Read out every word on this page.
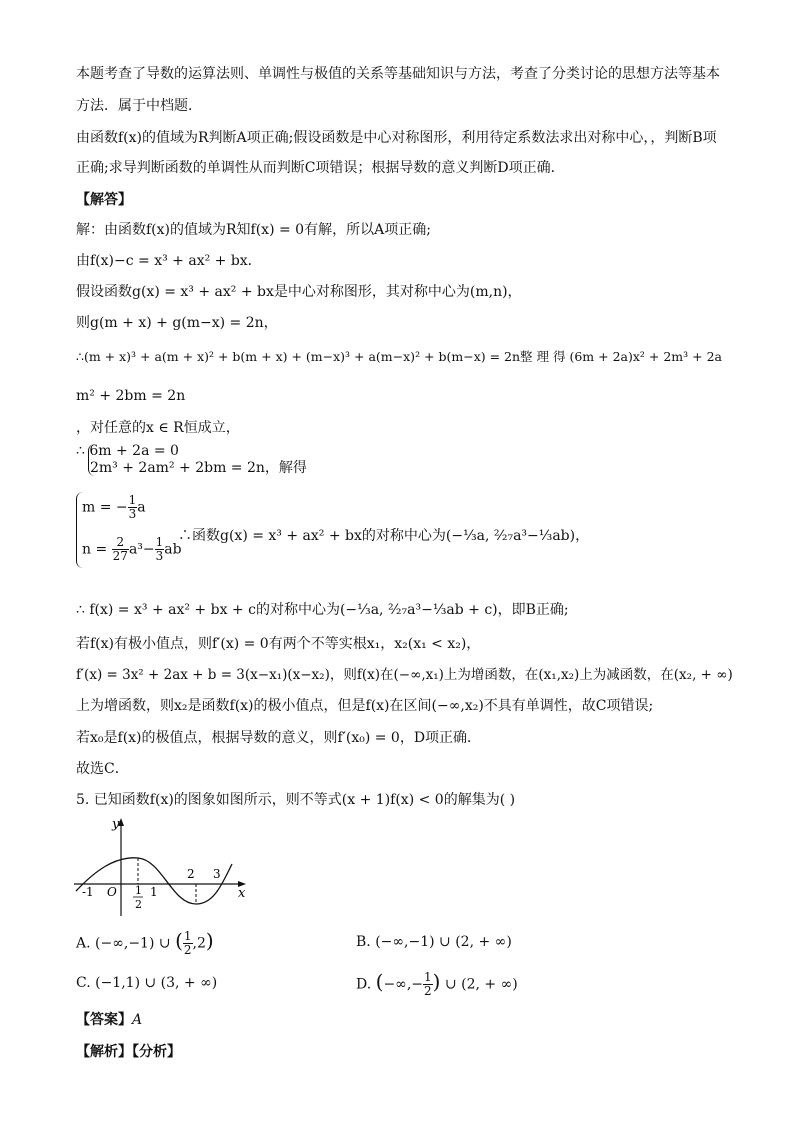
本题考查了导数的运算法则、单调性与极值的关系等基础知识与方法，考查了分类讨论的思想方法等基本
方法．属于中档题．
由函数f(x)的值域为R判断A项正确;假设函数是中心对称图形，利用待定系数法求出对称中心，，判断B项
正确;求导判断函数的单调性从而判断C项错误；根据导数的意义判断D项正确．
【解答】
解：由函数f(x)的值域为R知f(x) = 0有解，所以A项正确;
由f(x)−c = x³ + ax² + bx．
假设函数g(x) = x³ + ax² + bx是中心对称图形，其对称中心为(m,n)，
则g(m + x) + g(m−x) = 2n，
∴(m + x)³ + a(m + x)² + b(m + x) + (m−x)³ + a(m−x)² + b(m−x) = 2n整 理 得 (6m + 2a)x² + 2m³ + 2a
m² + 2bm = 2n
，对任意的x ∈ R恒成立，
∴ 6m + 2a = 0
2m³ + 2am² + 2bm = 2n，解得
m = − $\frac{1}{3}$ a
$n = \frac{2}{27} a^3- \frac{1}{3}$ ab
∴函数g(x) = x³ + ax² + bx的对称中心为(−⅓a, ²⁄₂₇a³−⅓ab)，
∴ f(x) = x³ + ax² + bx + c的对称中心为(−⅓a, ²⁄₂₇a³−⅓ab + c)，即B正确;
若f(x)有极小值点，则f′(x) = 0有两个不等实根x₁，x₂(x₁ < x₂)，
f′(x) = 3x² + 2ax + b = 3(x−x₁)(x−x₂)，则f(x)在(−∞,x₁)上为增函数，在(x₁,x₂)上为减函数，在(x₂, + ∞)
上为增函数，则x₂是函数f(x)的极小值点，但是f(x)在区间(−∞,x₂)不具有单调性，故C项错误;
若x₀是f(x)的极值点，根据导数的意义，则f′(x₀) = 0，D项正确．
故选C．
5. 已知函数f(x)的图象如图所示，则不等式(x + 1)f(x) < 0的解集为( )
y
x
O
-1	1
2
1
2 3
A. (−∞,−1) ∪ ( $\frac{1}{2} ,2$)	B. (−∞,−1) ∪ (2, + ∞)
C. (−1,1) ∪ (3, + ∞)	D. (−∞,− $\frac{1}{2}$ ) ∪ (2, + ∞)
【答案】A
【解析】【分析】
